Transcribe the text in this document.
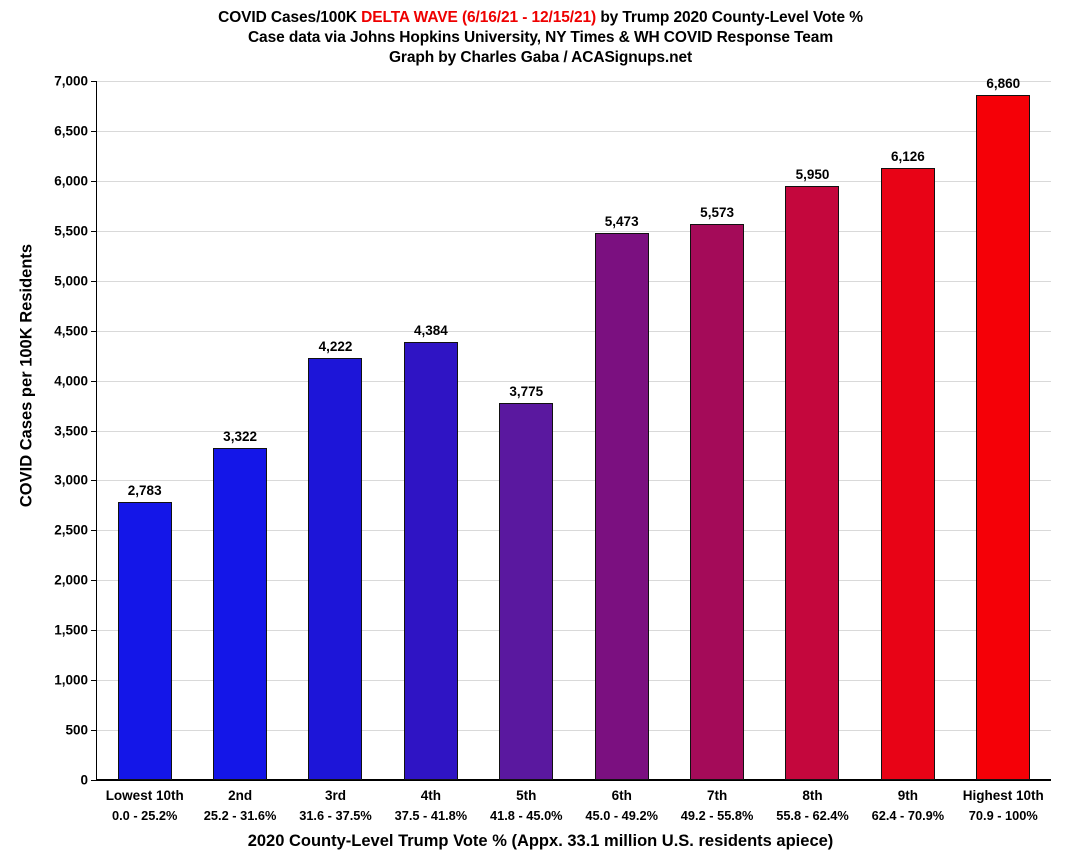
COVID Cases/100K DELTA WAVE (6/16/21 - 12/15/21) by Trump 2020 County-Level Vote %
Case data via Johns Hopkins University, NY Times & WH COVID Response Team
Graph by Charles Gaba / ACASignups.net
7,000
6,500
6,000
5,500
5,000
4,500
4,000
3,500
3,000
2,500
2,000
1,500
1,000
500
0
2,783
3,322
4,222
4,384
3,775
5,473
5,573
5,950
6,126
6,860
Lowest 10th
0.0 - 25.2%
2nd
25.2 - 31.6%
3rd
31.6 - 37.5%
4th
37.5 - 41.8%
5th
41.8 - 45.0%
6th
45.0 - 49.2%
7th
49.2 - 55.8%
8th
55.8 - 62.4%
9th
62.4 - 70.9%
Highest 10th
70.9 - 100%
2020 County-Level Trump Vote % (Appx. 33.1 million U.S. residents apiece)
COVID Cases per 100K Residents
